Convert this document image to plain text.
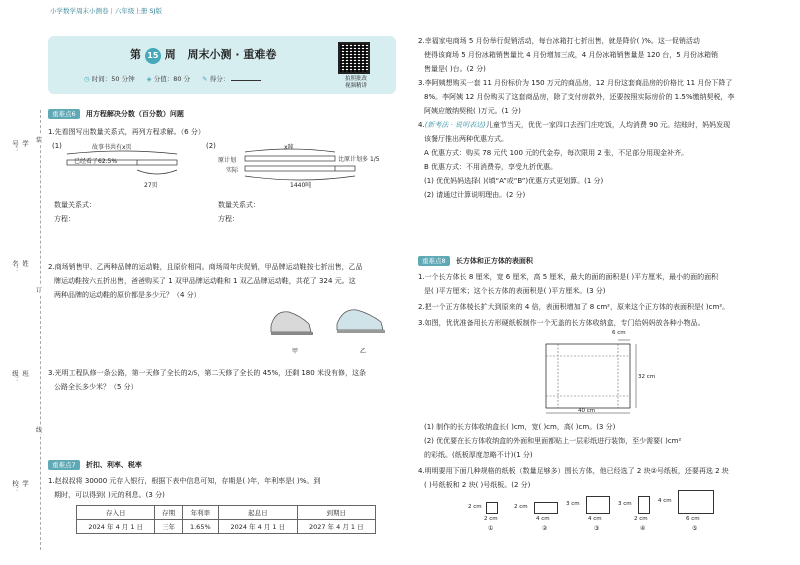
小学数学周末小测卷 | 六年级上册 SJ版
学号：
姓名：
班级：
学校：
装
订
线
第 15 周 周末小测 · 重难卷
◷ 时间：50 分钟 ◈ 分值：80 分 ✎ 得分：	拍照批改
视频精讲
重难点6 用方程解决分数（百分数）问题
1.先看图写出数量关系式，再列方程求解。（6 分）
(1)	故事书共有x页
已经看了62.5%
27页
(2)	x吨
原计划
实际
比原计划多 1/5
1440吨
数量关系式：
方程：
数量关系式：
方程：
2.商场销售甲、乙两种品牌的运动鞋，且原价相同。商场周年庆促销，甲品牌运动鞋按七折出售，乙品
牌运动鞋按六五折出售，爸爸购买了 1 双甲品牌运动鞋和 1 双乙品牌运动鞋，共花了 324 元。这
两种品牌的运动鞋的原价都是多少元？（4 分）
甲	乙
3.光明工程队修一条公路，第一天修了全长的2/5，第二天修了全长的 45%，还剩 180 米没有修，这条
公路全长多少米？（5 分）
重难点7 折扣、利率、税率
1.赵叔叔将 30000 元存入银行，根据下表中信息可知，存期是( )年，年利率是( )%。到
期时，可以得到( )元的利息。(3 分)
存入日	存期	年利率	起息日	到期日
2024 年 4 月 1 日	三年	1.65%	2024 年 4 月 1 日	2027 年 4 月 1 日
2.幸福家电商场 5 月份举行促销活动，每台冰箱打七折出售，就是降价( )%。这一促销活动
使得该商场 5 月份冰箱销售量比 4 月份增加三成，4 月份冰箱销售量是 120 台，5 月份冰箱销
售量是( )台。(2 分)
3.李阿姨想购买一套 11 月份标价为 150 万元的商品房，12 月份这套商品房的价格比 11 月份下降了
8%。李阿姨 12 月份购买了这套商品房，除了支付房款外，还要按照实际房价的 1.5%缴纳契税，李
阿姨应缴纳契税( )万元。(1 分)
4.(新考法 · 说明表达)儿童节当天，优优一家四口去西门庄吃饭，人均消费 90 元。结账时，妈妈发现
该餐厅推出两种优惠方式。
A 优惠方式：购买 78 元代 100 元的代金券，每次限用 2 张，不足部分用现金补齐。
B 优惠方式：不用消费券，享受九折优惠。
(1) 优优妈妈选择( )(填“A”或“B”)优惠方式更划算。(1 分)
(2) 请通过计算说明理由。(2 分)
重难点8 长方体和正方体的表面积
1.一个长方体长 8 厘米，宽 6 厘米，高 5 厘米，最大的面的面积是( )平方厘米，最小的面的面积
是( )平方厘米；这个长方体的表面积是( )平方厘米。(3 分)
2.把一个正方体棱长扩大到原来的 4 倍，表面积增加了 8 cm²，原来这个正方体的表面积是( )cm²。
3.如图，优优准备用长方形硬纸板制作一个无盖的长方体收纳盒，专门给妈妈放各种小物品。
6 cm
32 cm
40 cm
(1) 制作的长方体收纳盒长( )cm，宽( )cm，高( )cm。(3 分)
(2) 优优要在长方体收纳盒的外面和里面都贴上一层彩纸进行装饰，至少需要( )cm²
的彩纸。(纸板厚度忽略不计)(1 分)
4.明明要用下面几种规格的纸板（数量足够多）围长方体，他已经选了 2 块②号纸板，还要再选 2 块
( )号纸板和 2 块( )号纸板。(2 分)
2 cm
2 cm
①
2 cm
4 cm
②
3 cm
4 cm
③
3 cm
2 cm
④
4 cm
6 cm
⑤
